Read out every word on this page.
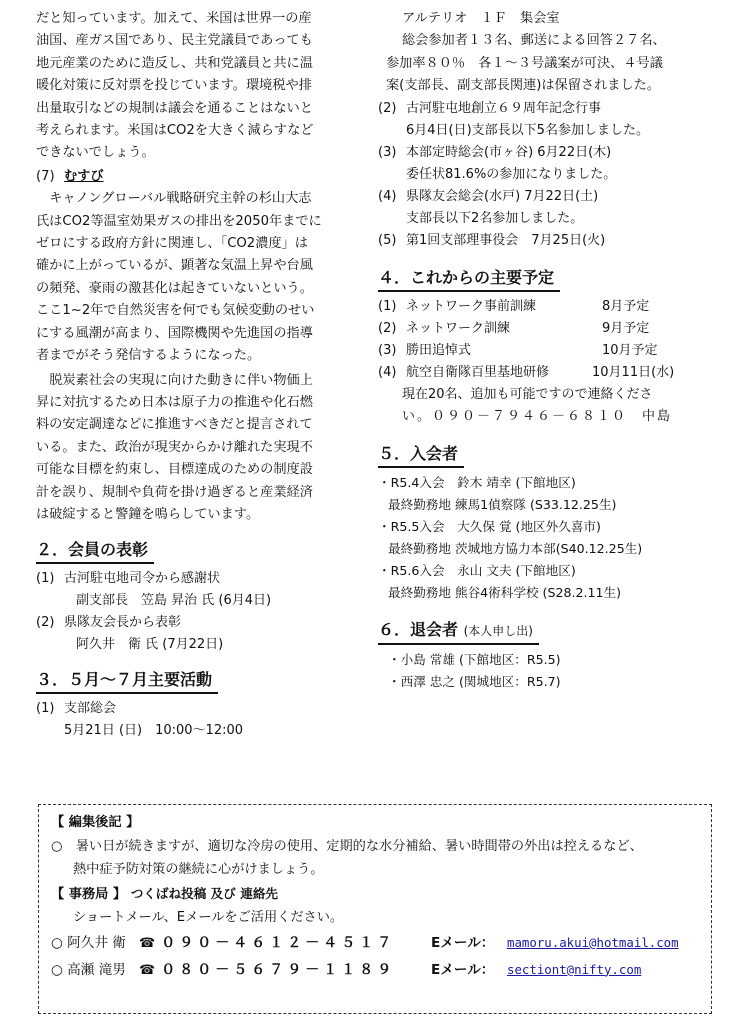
だと知っています。加えて、米国は世界一の産

油国、産ガス国であり、民主党議員であっても

地元産業のために造反し、共和党議員と共に温

暖化対策に反対票を投じています。環境税や排

出量取引などの規制は議会を通ることはないと

考えられます。米国はCO2を大きく減らすなど

できないでしょう。

(7) むすび

キャノングローバル戦略研究主幹の杉山大志

氏はCO2等温室効果ガスの排出を2050年までに

ゼロにする政府方針に関連し、「CO2濃度」は

確かに上がっているが、顕著な気温上昇や台風

の頻発、豪雨の激甚化は起きていないという。

ここ1~2年で自然災害を何でも気候変動のせい

にする風潮が高まり、国際機関や先進国の指導

者までがそう発信するようになった。

脱炭素社会の実現に向けた動きに伴い物価上

昇に対抗するため日本は原子力の推進や化石燃

料の安定調達などに推進すべきだと提言されて

いる。また、政治が現実からかけ離れた実現不

可能な目標を約束し、目標達成のための制度設

計を誤り、規制や負荷を掛け過ぎると産業経済

は破綻すると警鐘を鳴らしています。

２．会員の表彰
(1) 古河駐屯地司令から感謝状
副支部長　笠島 昇治 氏 (6月4日)
(2) 県隊友会長から表彰
阿久井　衛 氏 (7月22日)
３．５月～７月主要活動
(1) 支部総会
5月21日 (日)　10:00～12:00
アルテリオ　１Ｆ　集会室
総会参加者１３名、郵送による回答２７名、
参加率８０％　各１～３号議案が可決、４号議
案(支部長、副支部長関連)は保留されました。
(2) 古河駐屯地創立６９周年記念行事
6月4日(日)支部長以下5名参加しました。
(3) 本部定時総会(市ヶ谷) 6月22日(木)
委任状81.6%の参加になりました。
(4) 県隊友会総会(水戸) 7月22日(土)
支部長以下2名参加しました。
(5) 第1回支部理事役会　7月25日(火)
４．これからの主要予定
(1) ネットワーク事前訓練	8月予定
(2) ネットワーク訓練	9月予定
(3) 勝田追悼式	10月予定
(4) 航空自衛隊百里基地研修	10月11日(水)
現在20名、追加も可能ですので連絡くださ
い。０９０－７９４６－６８１０　中島
５．入会者
・R5.4入会　鈴木 靖幸 (下館地区)
最終勤務地 練馬1偵察隊 (S33.12.25生)
・R5.5入会　大久保 覚 (地区外久喜市)
最終勤務地 茨城地方協力本部(S40.12.25生)
・R5.6入会　永山 文夫 (下館地区)
最終勤務地 熊谷4術科学校 (S28.2.11生)
６．退会者 (本人申し出)
・小島 常雄 (下館地区：R5.5)
・西澤 忠之 (関城地区：R5.7)
【 編集後記 】
○　暑い日が続きますが、適切な冷房の使用、定期的な水分補給、暑い時間帯の外出は控えるなど、
熱中症予防対策の継続に心がけましょう。
【 事務局 】 つくばね投稿 及び 連絡先
ショートメール、Eメールをご活用ください。
○ 阿久井 衛	☎ ０９０－４６１２－４５１７	Eメール：	mamoru.akui@hotmail.com
○ 高瀬 滝男	☎ ０８０－５６７９－１１８９	Eメール：	sectiont@nifty.com
